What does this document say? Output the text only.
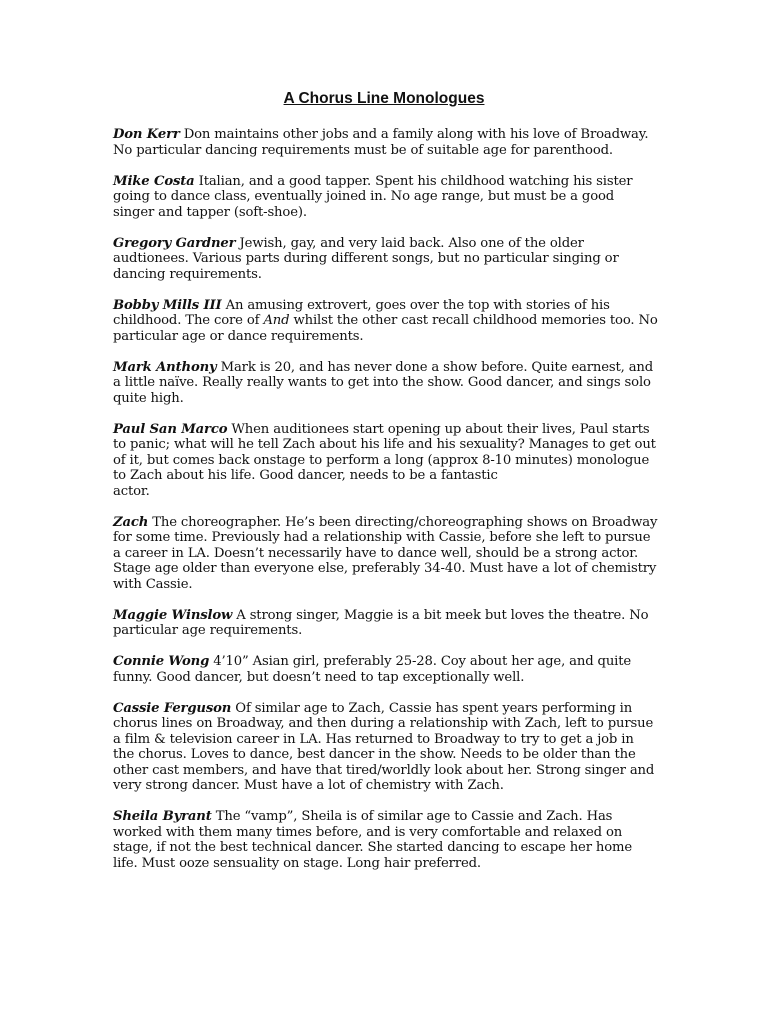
A Chorus Line Monologues

Don Kerr Don maintains other jobs and a family along with his love of Broadway. No particular dancing requirements must be of suitable age for parenthood.

Mike Costa Italian, and a good tapper. Spent his childhood watching his sister going to dance class, eventually joined in. No age range, but must be a good singer and tapper (soft-shoe).

Gregory Gardner Jewish, gay, and very laid back. Also one of the older audtionees. Various parts during different songs, but no particular singing or dancing requirements.

Bobby Mills III An amusing extrovert, goes over the top with stories of his childhood. The core of And whilst the other cast recall childhood memories too. No particular age or dance requirements.

Mark Anthony Mark is 20, and has never done a show before. Quite earnest, and a little naïve. Really really wants to get into the show. Good dancer, and sings solo quite high.

Paul San Marco When auditionees start opening up about their lives, Paul starts to panic; what will he tell Zach about his life and his sexuality? Manages to get out of it, but comes back onstage to perform a long (approx 8-10 minutes) monologue to Zach about his life. Good dancer, needs to be a fantastic
actor.

Zach The choreographer. He’s been directing/choreographing shows on Broadway for some time. Previously had a relationship with Cassie, before she left to pursue a career in LA. Doesn’t necessarily have to dance well, should be a strong actor. Stage age older than everyone else, preferably 34-40. Must have a lot of chemistry with Cassie.

Maggie Winslow A strong singer, Maggie is a bit meek but loves the theatre. No particular age requirements.

Connie Wong 4’10” Asian girl, preferably 25-28. Coy about her age, and quite funny. Good dancer, but doesn’t need to tap exceptionally well.

Cassie Ferguson Of similar age to Zach, Cassie has spent years performing in chorus lines on Broadway, and then during a relationship with Zach, left to pursue a film & television career in LA. Has returned to Broadway to try to get a job in the chorus. Loves to dance, best dancer in the show. Needs to be older than the other cast members, and have that tired/worldly look about her. Strong singer and very strong dancer. Must have a lot of chemistry with Zach.

Sheila Byrant The “vamp”, Sheila is of similar age to Cassie and Zach. Has worked with them many times before, and is very comfortable and relaxed on stage, if not the best technical dancer. She started dancing to escape her home life. Must ooze sensuality on stage. Long hair preferred.
